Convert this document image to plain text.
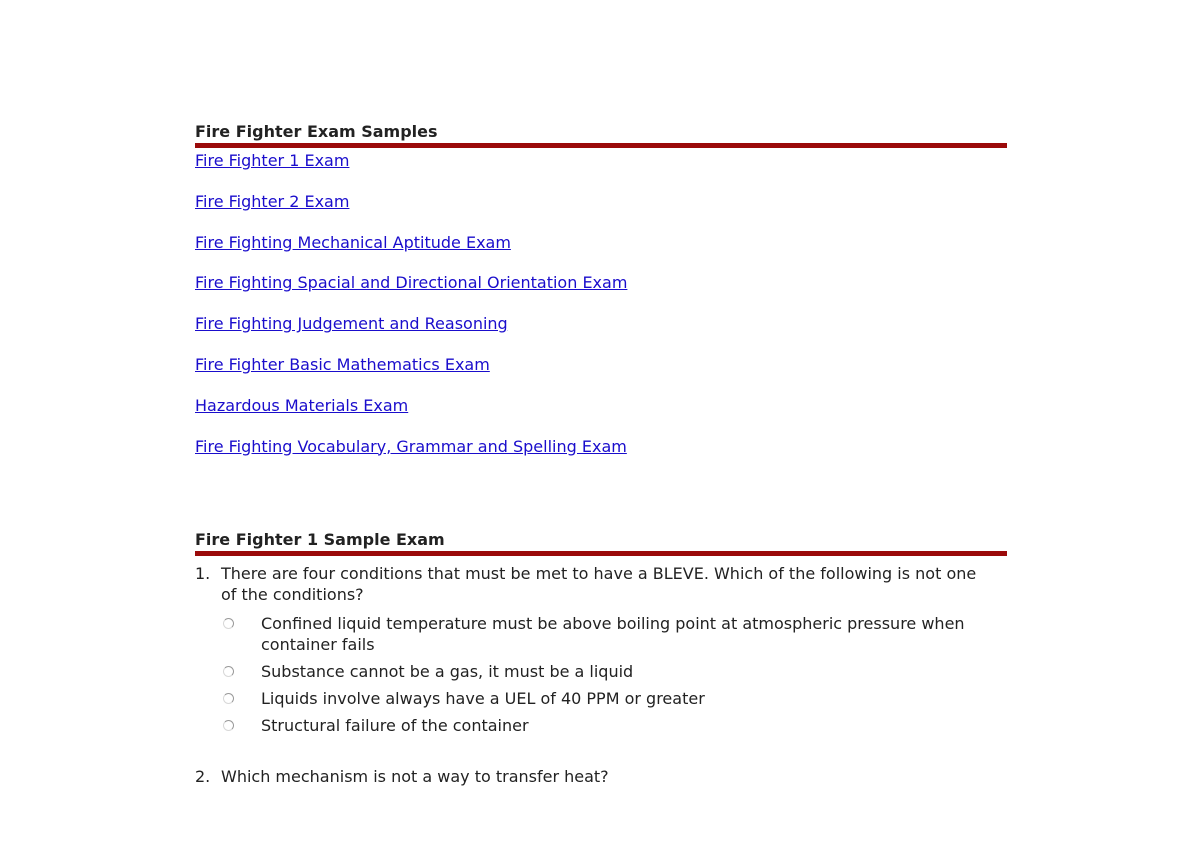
Fire Fighter Exam Samples
Fire Fighter 1 Exam
Fire Fighter 2 Exam
Fire Fighting Mechanical Aptitude Exam
Fire Fighting Spacial and Directional Orientation Exam
Fire Fighting Judgement and Reasoning
Fire Fighter Basic Mathematics Exam
Hazardous Materials Exam
Fire Fighting Vocabulary, Grammar and Spelling Exam
Fire Fighter 1 Sample Exam
1. There are four conditions that must be met to have a BLEVE. Which of the following is not one of the conditions?
Confined liquid temperature must be above boiling point at atmospheric pressure when container fails
Substance cannot be a gas, it must be a liquid
Liquids involve always have a UEL of 40 PPM or greater
Structural failure of the container
2. Which mechanism is not a way to transfer heat?
